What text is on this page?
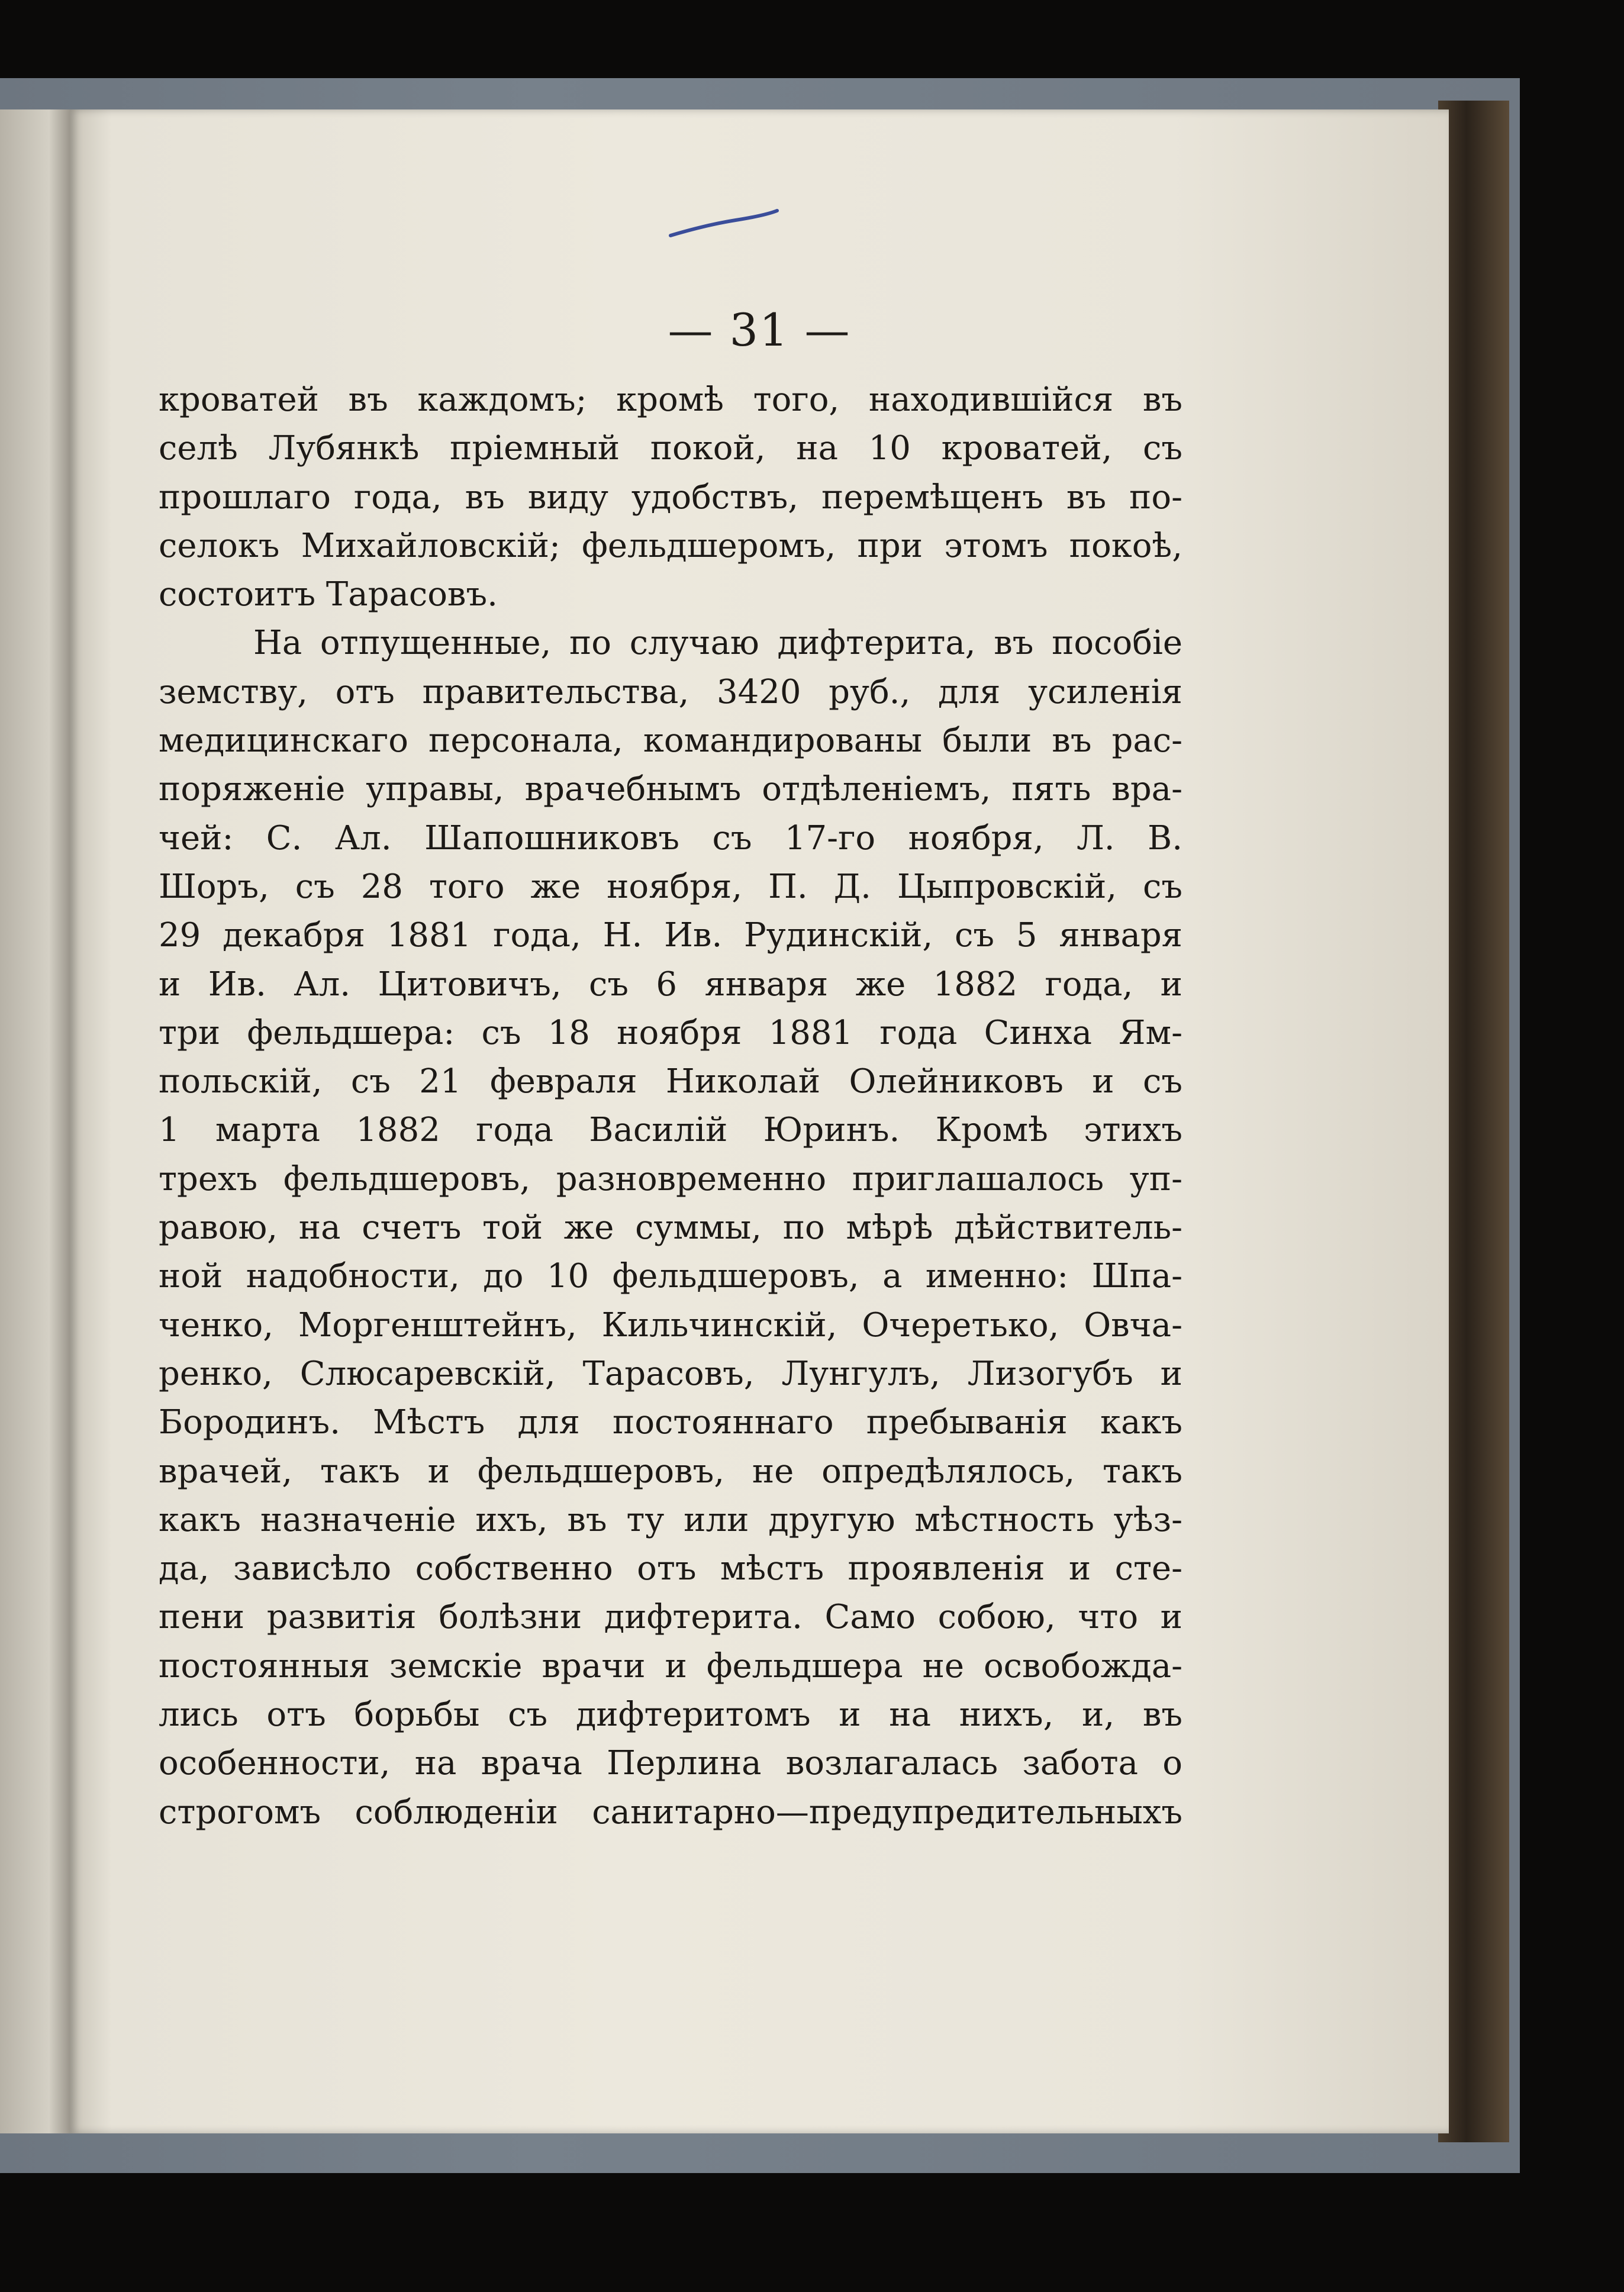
— 31 —
кроватей въ каждомъ; кромѣ того, находившійся въ
селѣ Лубянкѣ пріемный покой, на 10 кроватей, съ
прошлаго года, въ виду удобствъ, перемѣщенъ въ по-
селокъ Михайловскій; фельдшеромъ, при этомъ покоѣ,
состоитъ Тарасовъ.
На отпущенные, по случаю дифтерита, въ пособіе
земству, отъ правительства, 3420 руб., для усиленія
медицинскаго персонала, командированы были въ рас-
поряженіе управы, врачебнымъ отдѣленіемъ, пять вра-
чей: С. Ал. Шапошниковъ съ 17-го ноября, Л. В.
Шоръ, съ 28 того же ноября, П. Д. Цыпровскій, съ
29 декабря 1881 года, Н. Ив. Рудинскій, съ 5 января
и Ив. Ал. Цитовичъ, съ 6 января же 1882 года, и
три фельдшера: съ 18 ноября 1881 года Синха Ям-
польскій, съ 21 февраля Николай Олейниковъ и съ
1 марта 1882 года Василій Юринъ. Кромѣ этихъ
трехъ фельдшеровъ, разновременно приглашалось уп-
равою, на счетъ той же суммы, по мѣрѣ дѣйствитель-
ной надобности, до 10 фельдшеровъ, а именно: Шпа-
ченко, Моргенштейнъ, Кильчинскій, Очеретько, Овча-
ренко, Слюсаревскій, Тарасовъ, Лунгулъ, Лизогубъ и
Бородинъ. Мѣстъ для постояннаго пребыванія какъ
врачей, такъ и фельдшеровъ, не опредѣлялось, такъ
какъ назначеніе ихъ, въ ту или другую мѣстность уѣз-
да, зависѣло собственно отъ мѣстъ проявленія и сте-
пени развитія болѣзни дифтерита. Само собою, что и
постоянныя земскіе врачи и фельдшера не освобожда-
лись отъ борьбы съ дифтеритомъ и на нихъ, и, въ
особенности, на врача Перлина возлагалась забота о
строгомъ соблюденіи санитарно—предупредительныхъ
